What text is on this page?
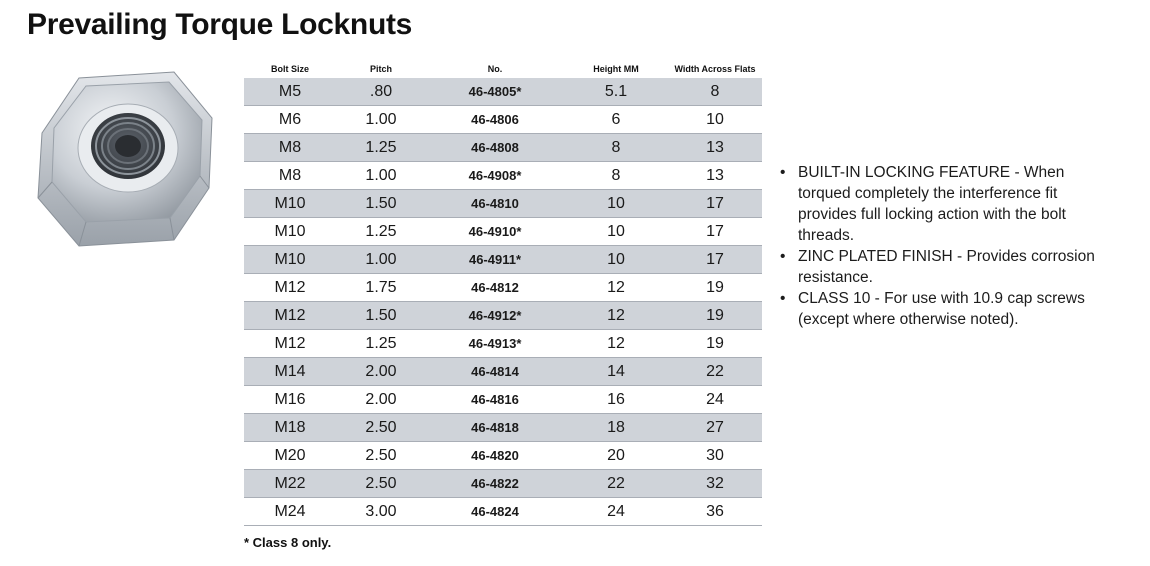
Prevailing Torque Locknuts
Bolt Size	Pitch	No.	Height MM	Width Across Flats
M5	.80	46-4805*	5.1	8
M6	1.00	46-4806	6	10
M8	1.25	46-4808	8	13
M8	1.00	46-4908*	8	13
M10	1.50	46-4810	10	17
M10	1.25	46-4910*	10	17
M10	1.00	46-4911*	10	17
M12	1.75	46-4812	12	19
M12	1.50	46-4912*	12	19
M12	1.25	46-4913*	12	19
M14	2.00	46-4814	14	22
M16	2.00	46-4816	16	24
M18	2.50	46-4818	18	27
M20	2.50	46-4820	20	30
M22	2.50	46-4822	22	32
M24	3.00	46-4824	24	36
* Class 8 only.
• BUILT-IN LOCKING FEATURE - When torqued completely the interference fit provides full locking action with the bolt threads.
• ZINC PLATED FINISH - Provides corrosion resistance.
• CLASS 10 - For use with 10.9 cap screws (except where otherwise noted).
